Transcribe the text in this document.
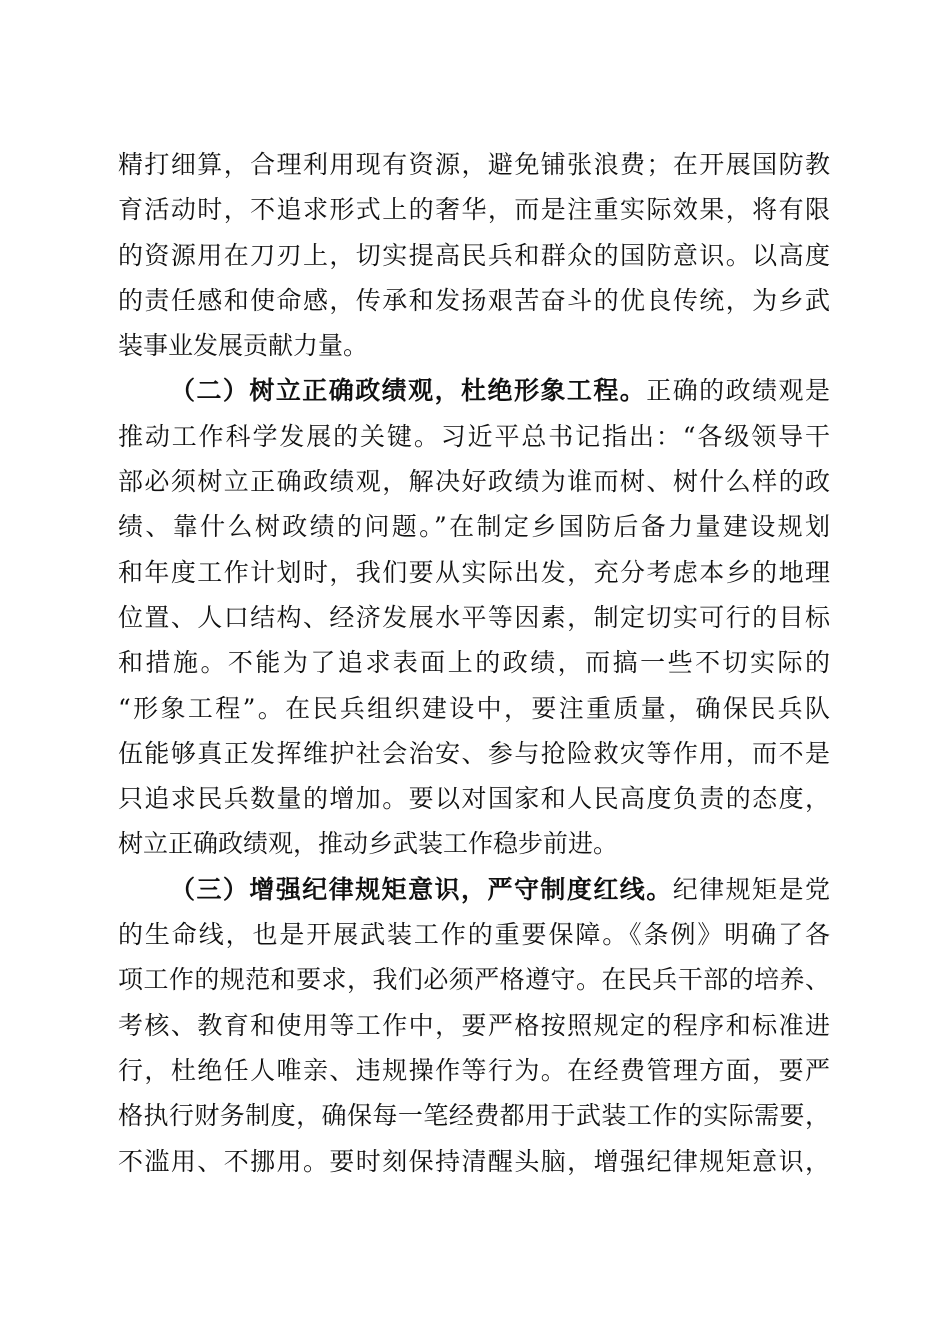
精打细算，合理利用现有资源，避免铺张浪费；在开展国防教
育活动时，不追求形式上的奢华，而是注重实际效果，将有限
的资源用在刀刃上，切实提高民兵和群众的国防意识。以高度
的责任感和使命感，传承和发扬艰苦奋斗的优良传统，为乡武
装事业发展贡献力量。
（二）树立正确政绩观，杜绝形象工程。正确的政绩观是
推动工作科学发展的关键。习近平总书记指出：“各级领导干
部必须树立正确政绩观，解决好政绩为谁而树、树什么样的政
绩、靠什么树政绩的问题。”在制定乡国防后备力量建设规划
和年度工作计划时，我们要从实际出发，充分考虑本乡的地理
位置、人口结构、经济发展水平等因素，制定切实可行的目标
和措施。不能为了追求表面上的政绩，而搞一些不切实际的
“形象工程”。在民兵组织建设中，要注重质量，确保民兵队
伍能够真正发挥维护社会治安、参与抢险救灾等作用，而不是
只追求民兵数量的增加。要以对国家和人民高度负责的态度，
树立正确政绩观，推动乡武装工作稳步前进。
（三）增强纪律规矩意识，严守制度红线。纪律规矩是党
的生命线，也是开展武装工作的重要保障。《条例》明确了各
项工作的规范和要求，我们必须严格遵守。在民兵干部的培养、
考核、教育和使用等工作中，要严格按照规定的程序和标准进
行，杜绝任人唯亲、违规操作等行为。在经费管理方面，要严
格执行财务制度，确保每一笔经费都用于武装工作的实际需要，
不滥用、不挪用。要时刻保持清醒头脑，增强纪律规矩意识，
